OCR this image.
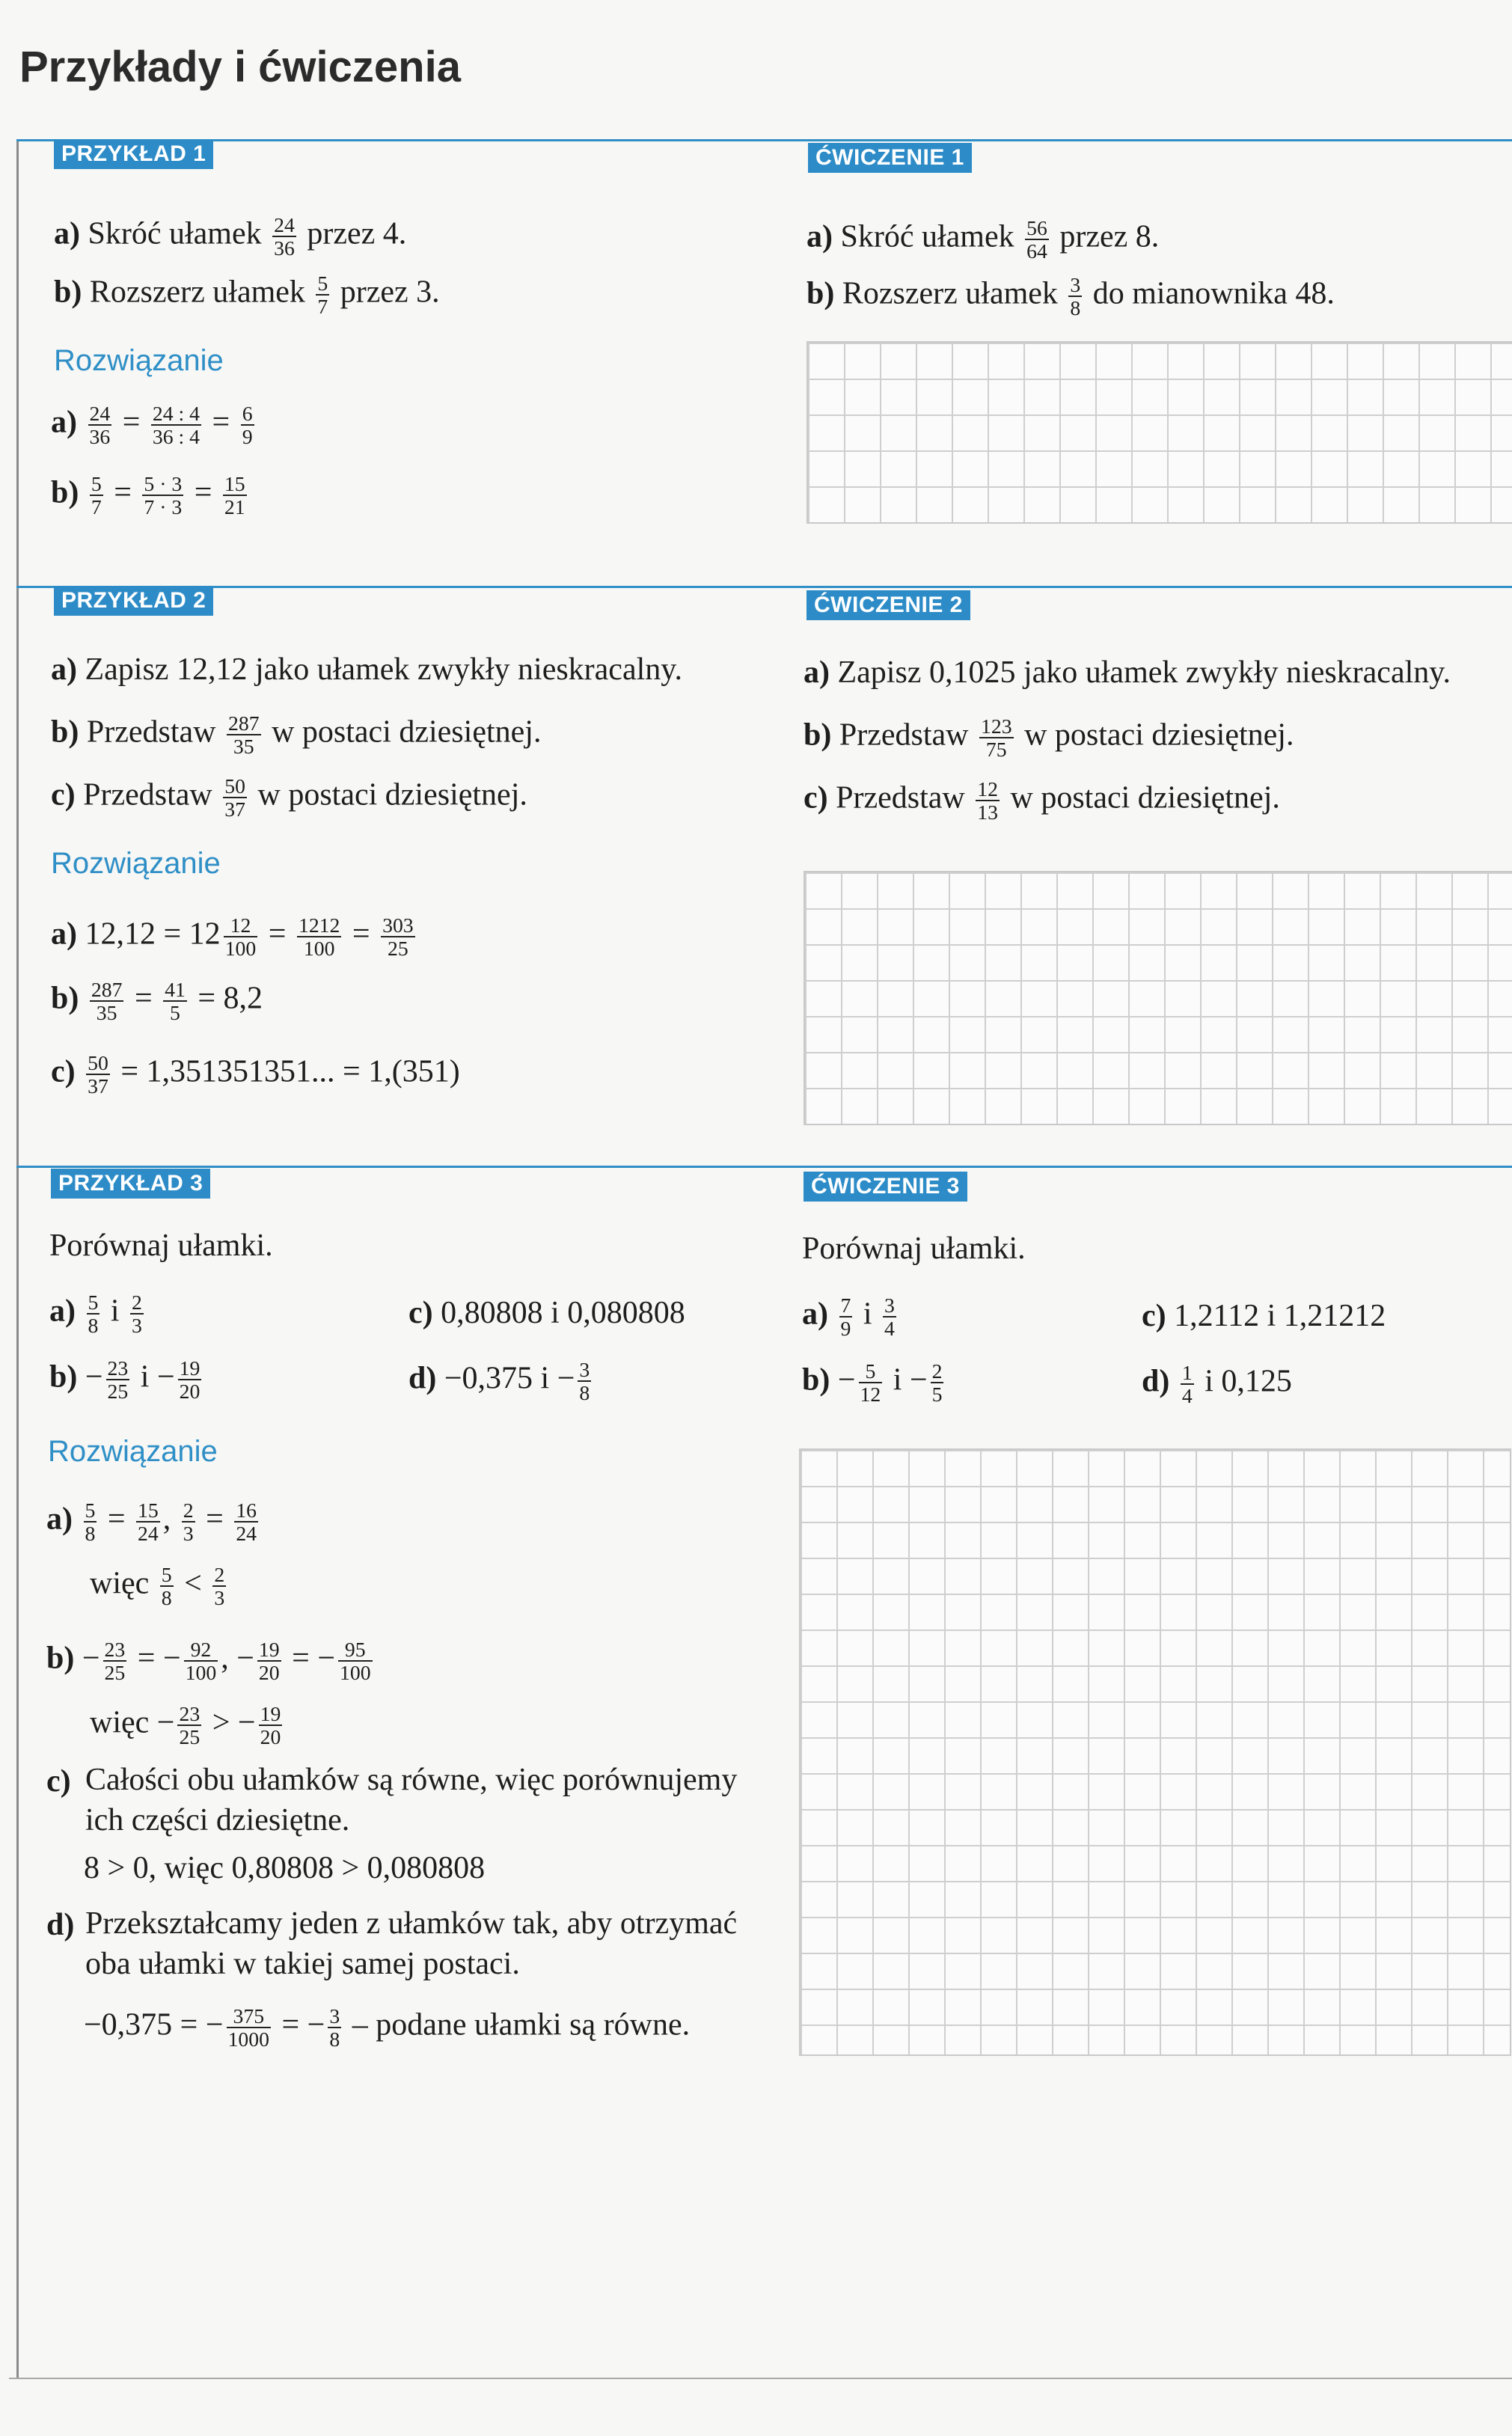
Przykłady i ćwiczenia
PRZYKŁAD 1	ĆWICZENIE 1
a) Skróć ułamek $\frac{24}{36}$ przez 4.
b) Rozszerz ułamek $\frac{5}{7}$ przez 3.
Rozwiązanie
$a) \frac{24}{36} = \frac{24 : 4}{36 : 4} = \frac{6}{9}$
$b) \frac{5}{7} = \frac{5 \cdot 3}{7 \cdot 3} = \frac{15}{21}$
a) Skróć ułamek $\frac{56}{64}$ przez 8.
b) Rozszerz ułamek $\frac{3}{8}$ do mianownika 48.
PRZYKŁAD 2	ĆWICZENIE 2
a) Zapisz 12,12 jako ułamek zwykły nieskracalny.
b) Przedstaw $\frac{287}{35}$ w postaci dziesiętnej.
c) Przedstaw $\frac{50}{37}$ w postaci dziesiętnej.
Rozwiązanie
a) $12,12 = 12 \frac{12}{100} = \frac{1212}{100} = \frac{303}{25}$
$b) \frac{287}{35} = \frac{41}{5} = 8,2$
$c) \frac{50}{37} = 1,351351351$... = 1,(351)
a) Zapisz 0,1025 jako ułamek zwykły nieskracalny.
b) Przedstaw $\frac{123}{75}$ w postaci dziesiętnej.
c) Przedstaw $\frac{12}{13}$ w postaci dziesiętnej.
PRZYKŁAD 3	ĆWICZENIE 3
Porównaj ułamki.
$a) \frac{5}{8}$ i $\frac{2}{3}$
$b) - \frac{23}{25}$ $i - \frac{19}{20}$
c) 0,80808 i 0,080808
d) −0,375 $i - \frac{3}{8}$
Rozwiązanie
$a) \frac{5}{8} = \frac{15}{24}$ , $\frac{2}{3} = \frac{16}{24}$
więc $\frac{5}{8} < \frac{2}{3}$
$b) - \frac{23}{25}$ = − $\frac{92}{100}$ , − $\frac{19}{20}$ = − $\frac{95}{100}$
więc − $\frac{23}{25}$ > − $\frac{19}{20}$
c) Całości obu ułamków są równe, więc porównujemy ich części dziesiętne.
8 > 0, więc 0,80808 > 0,080808
d) Przekształcamy jeden z ułamków tak, aby otrzymać oba ułamki w takiej samej postaci.
−0,375 = − $\frac{375}{1000}$ = − $\frac{3}{8}$ – podane ułamki są równe.
Porównaj ułamki.
$a) \frac{7}{9}$ i $\frac{3}{4}$
$b) - \frac{5}{12}$ $i - \frac{2}{5}$
c) 1,2112 i 1,21212
$d) \frac{1}{4}$ i 0,125
